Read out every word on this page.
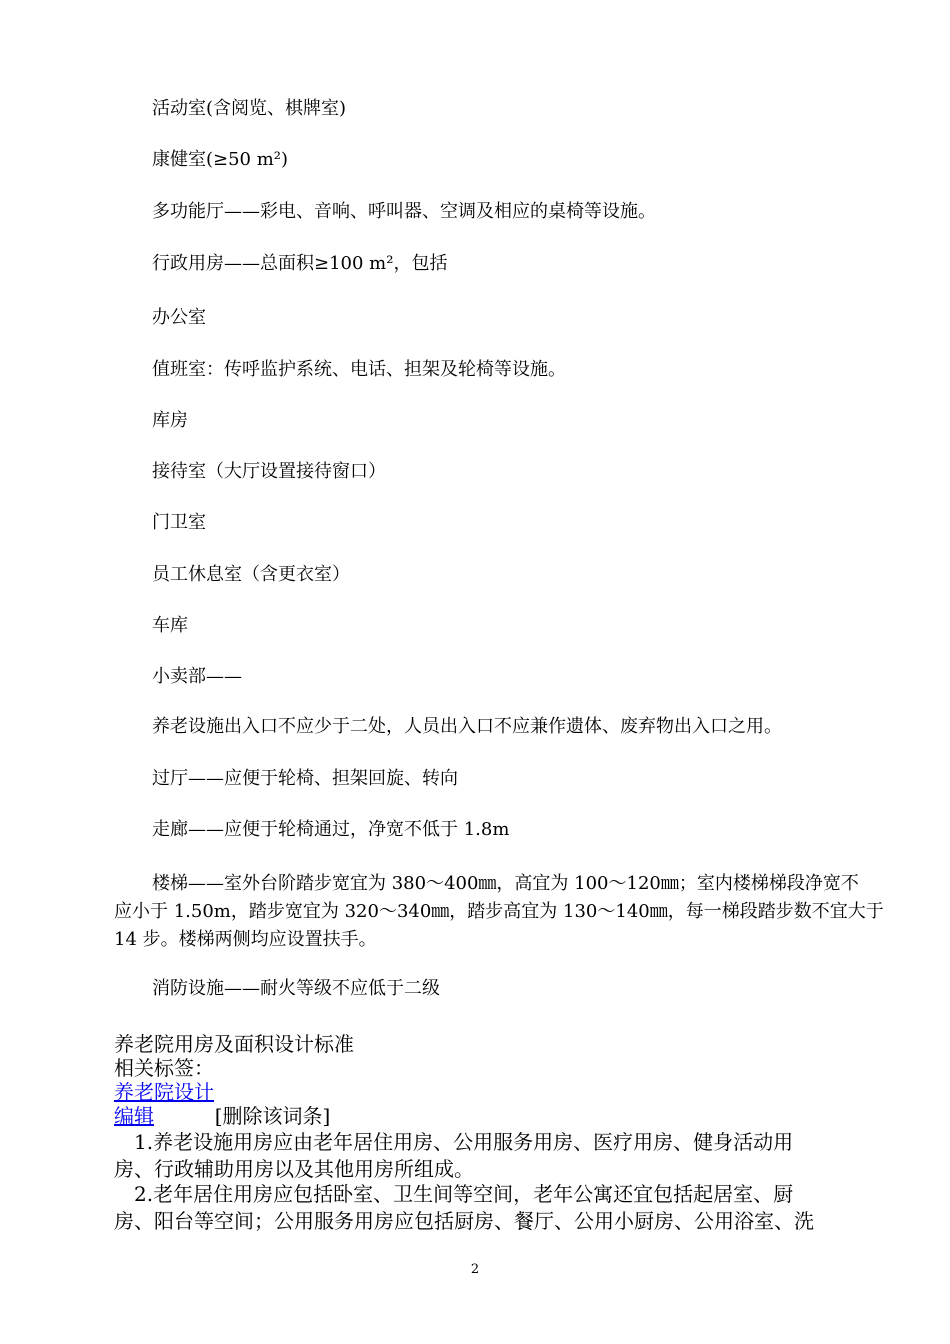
活动室(含阅览、棋牌室)
康健室(≥50 m²)
多功能厅——彩电、音响、呼叫器、空调及相应的桌椅等设施。
行政用房——总面积≥100 m²，包括
办公室
值班室：传呼监护系统、电话、担架及轮椅等设施。
库房
接待室（大厅设置接待窗口）
门卫室
员工休息室（含更衣室）
车库
小卖部——
养老设施出入口不应少于二处，人员出入口不应兼作遗体、废弃物出入口之用。
过厅——应便于轮椅、担架回旋、转向
走廊——应便于轮椅通过，净宽不低于 1.8m
楼梯——室外台阶踏步宽宜为 380～400㎜，高宜为 100～120㎜；室内楼梯梯段净宽不
应小于 1.50m，踏步宽宜为 320～340㎜，踏步高宜为 130～140㎜，每一梯段踏步数不宜大于
14 步。楼梯两侧均应设置扶手。
消防设施——耐火等级不应低于二级
养老院用房及面积设计标准
相关标签：
养老院设计
编辑	[删除该词条]
1.养老设施用房应由老年居住用房、公用服务用房、医疗用房、健身活动用
房、行政辅助用房以及其他用房所组成。
2.老年居住用房应包括卧室、卫生间等空间，老年公寓还宜包括起居室、厨
房、阳台等空间；公用服务用房应包括厨房、餐厅、公用小厨房、公用浴室、洗
2
